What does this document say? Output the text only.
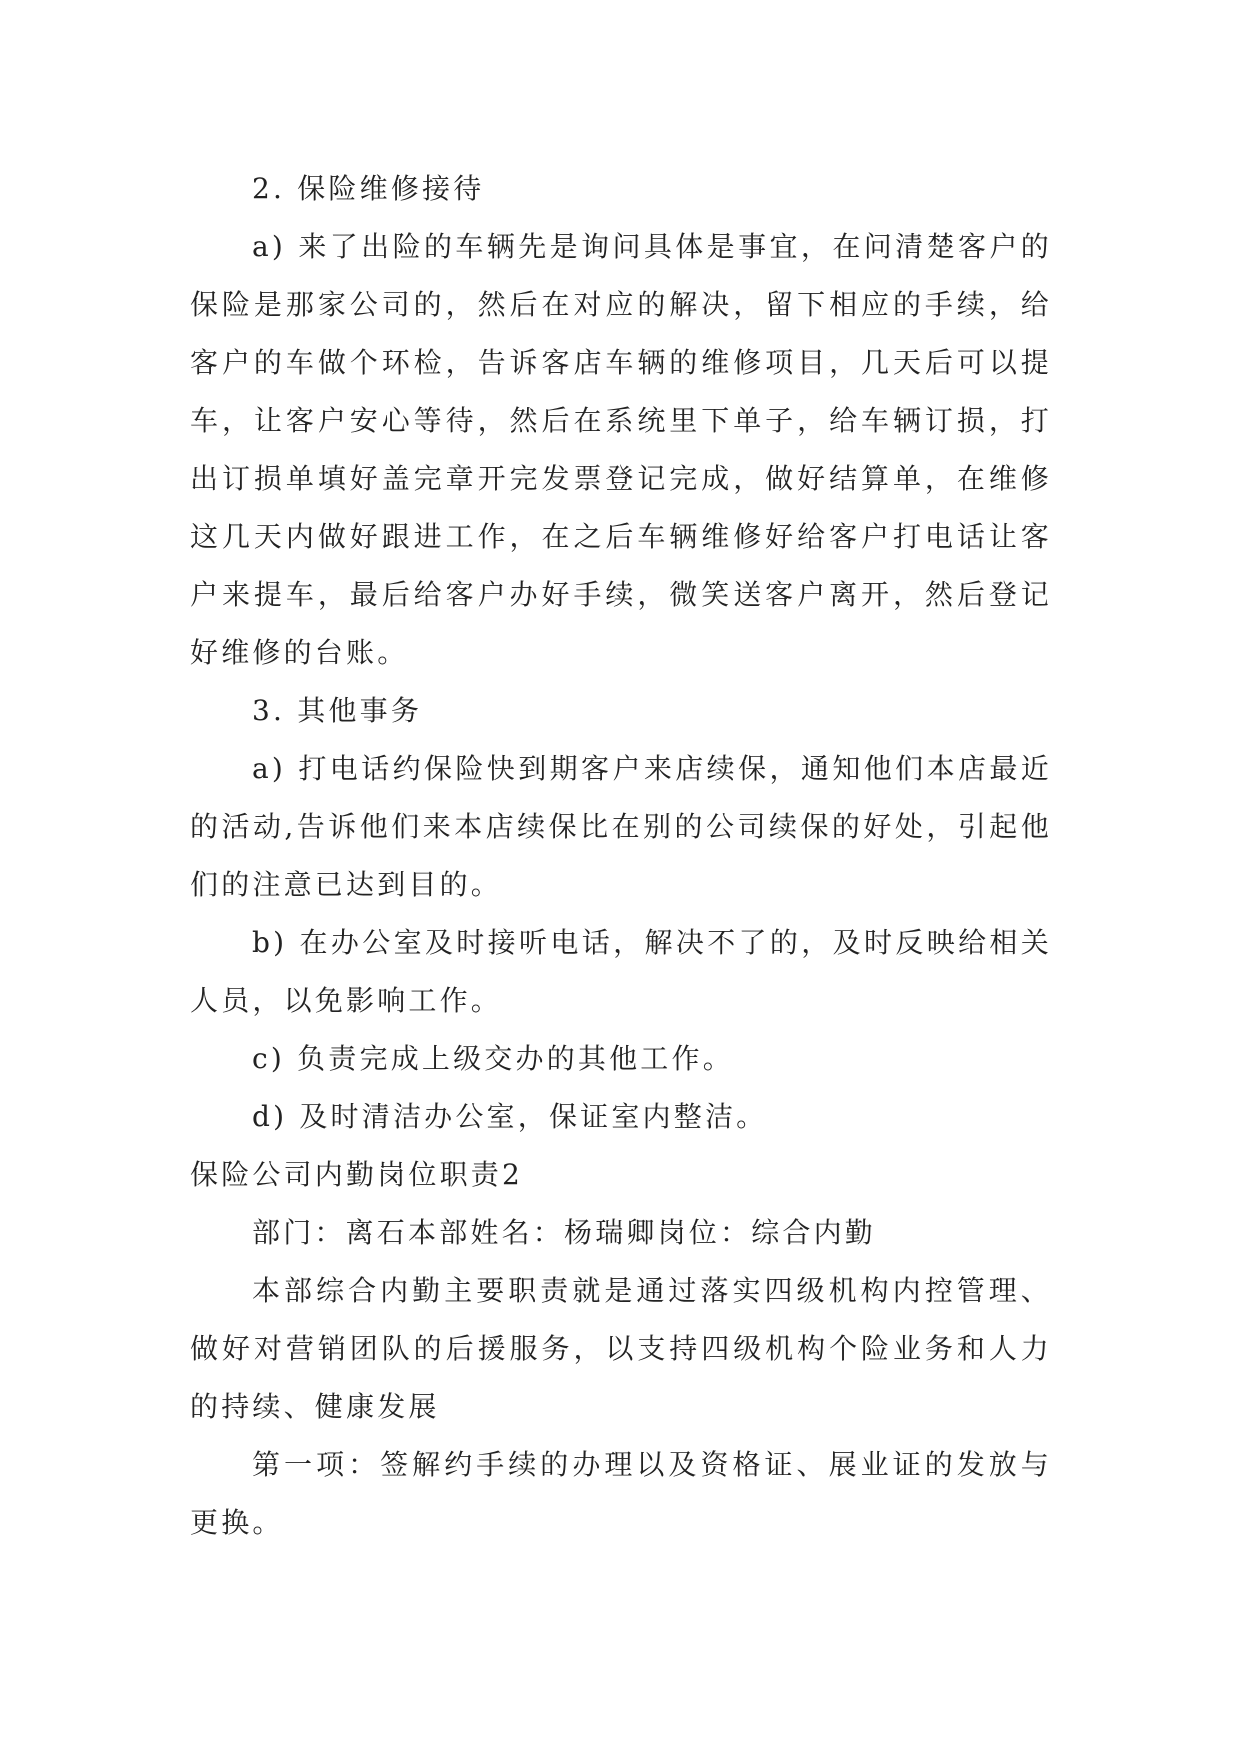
2. 保险维修接待

a) 来了出险的车辆先是询问具体是事宜，在问清楚客户的保险是那家公司的，然后在对应的解决，留下相应的手续，给客户的车做个环检，告诉客店车辆的维修项目，几天后可以提车，让客户安心等待，然后在系统里下单子，给车辆订损，打出订损单填好盖完章开完发票登记完成，做好结算单，在维修这几天内做好跟进工作，在之后车辆维修好给客户打电话让客户来提车，最后给客户办好手续，微笑送客户离开，然后登记好维修的台账。

3. 其他事务

a) 打电话约保险快到期客户来店续保，通知他们本店最近的活动,告诉他们来本店续保比在别的公司续保的好处，引起他们的注意已达到目的。

b) 在办公室及时接听电话，解决不了的，及时反映给相关人员，以免影响工作。

c) 负责完成上级交办的其他工作。

d) 及时清洁办公室，保证室内整洁。

保险公司内勤岗位职责2

部门：离石本部姓名：杨瑞卿岗位：综合内勤

本部综合内勤主要职责就是通过落实四级机构内控管理、做好对营销团队的后援服务，以支持四级机构个险业务和人力的持续、健康发展

第一项：签解约手续的办理以及资格证、展业证的发放与更换。
